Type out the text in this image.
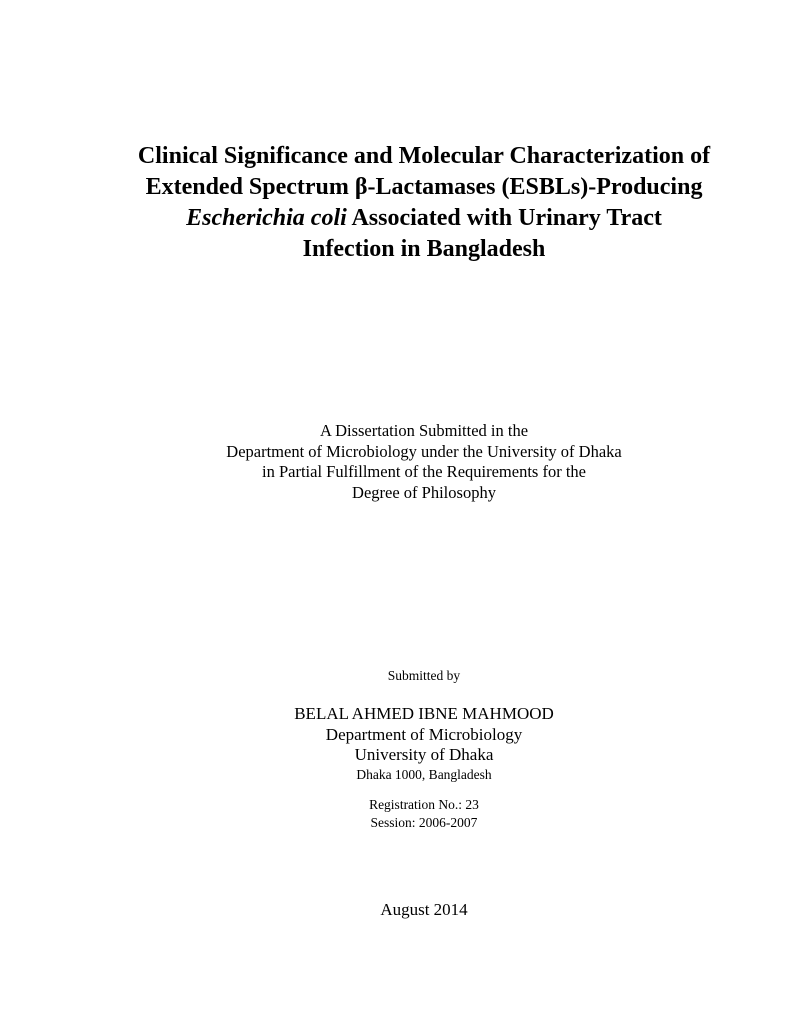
Clinical Significance and Molecular Characterization of
Extended Spectrum β-Lactamases (ESBLs)-Producing
Escherichia coli Associated with Urinary Tract
Infection in Bangladesh
A Dissertation Submitted in the
Department of Microbiology under the University of Dhaka
in Partial Fulfillment of the Requirements for the
Degree of Philosophy
Submitted by
BELAL AHMED IBNE MAHMOOD
Department of Microbiology
University of Dhaka
Dhaka 1000, Bangladesh
Registration No.: 23
Session: 2006-2007
August 2014
